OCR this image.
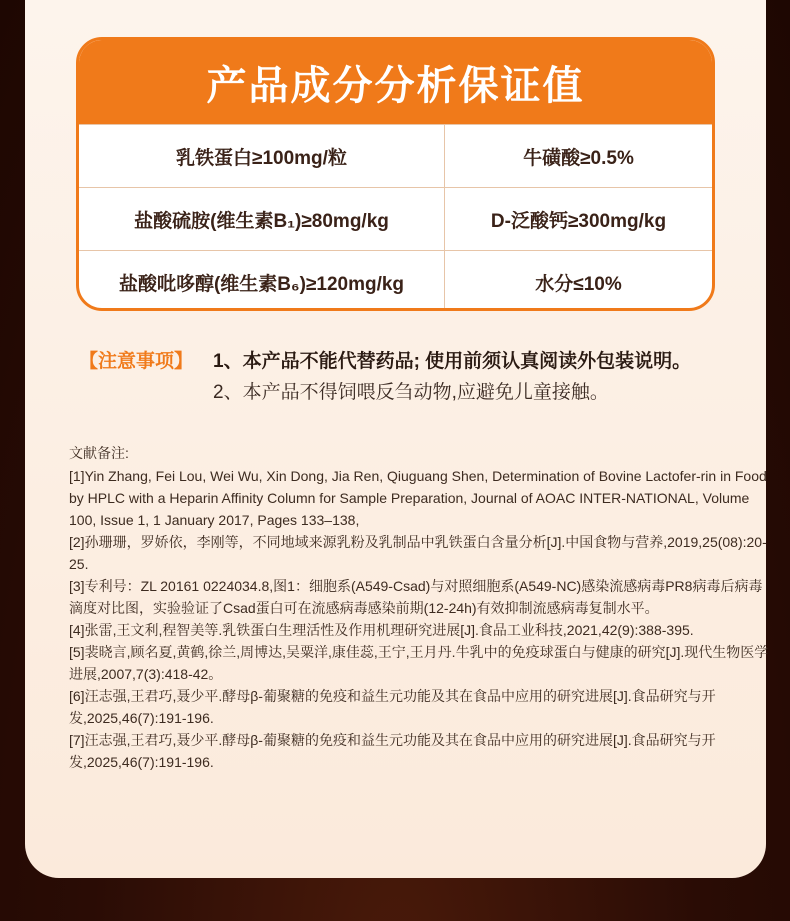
产品成分分析保证值
乳铁蛋白≥100mg/粒	牛磺酸≥0.5%
盐酸硫胺(维生素B₁)≥80mg/kg	D-泛酸钙≥300mg/kg
盐酸吡哆醇(维生素B₆)≥120mg/kg	水分≤10%
【注意事项】 1、本产品不能代替药品; 使用前须认真阅读外包装说明。
2、本产品不得饲喂反刍动物,应避免儿童接触。
文献备注:
[1]Yin Zhang, Fei Lou, Wei Wu, Xin Dong, Jia Ren, Qiuguang Shen, Determination of Bovine Lactofer-rin in Food by HPLC with a Heparin Affinity Column for Sample Preparation, Journal of AOAC INTER-NATIONAL, Volume 100, Issue 1, 1 January 2017, Pages 133–138,
[2]孙珊珊，罗娇依，李刚等，不同地域来源乳粉及乳制品中乳铁蛋白含量分析[J].中国食物与营养,2019,25(08):20-25.
[3]专利号：ZL 20161 0224034.8,图1：细胞系(A549-Csad)与对照细胞系(A549-NC)感染流感病毒PR8病毒后病毒滴度对比图，实验验证了Csad蛋白可在流感病毒感染前期(12-24h)有效抑制流感病毒复制水平。
[4]张雷,王文利,程智美等.乳铁蛋白生理活性及作用机理研究进展[J].食品工业科技,2021,42(9):388-395.
[5]裴晓言,顾名夏,黄鹤,徐兰,周博达,吴粟洋,康佳蕊,王宁,王月丹.牛乳中的免疫球蛋白与健康的研究[J].现代生物医学进展,2007,7(3):418-42。
[6]汪志强,王君巧,聂少平.酵母β-葡聚糖的免疫和益生元功能及其在食品中应用的研究进展[J].食品研究与开发,2025,46(7):191-196.
[7]汪志强,王君巧,聂少平.酵母β-葡聚糖的免疫和益生元功能及其在食品中应用的研究进展[J].食品研究与开发,2025,46(7):191-196.
